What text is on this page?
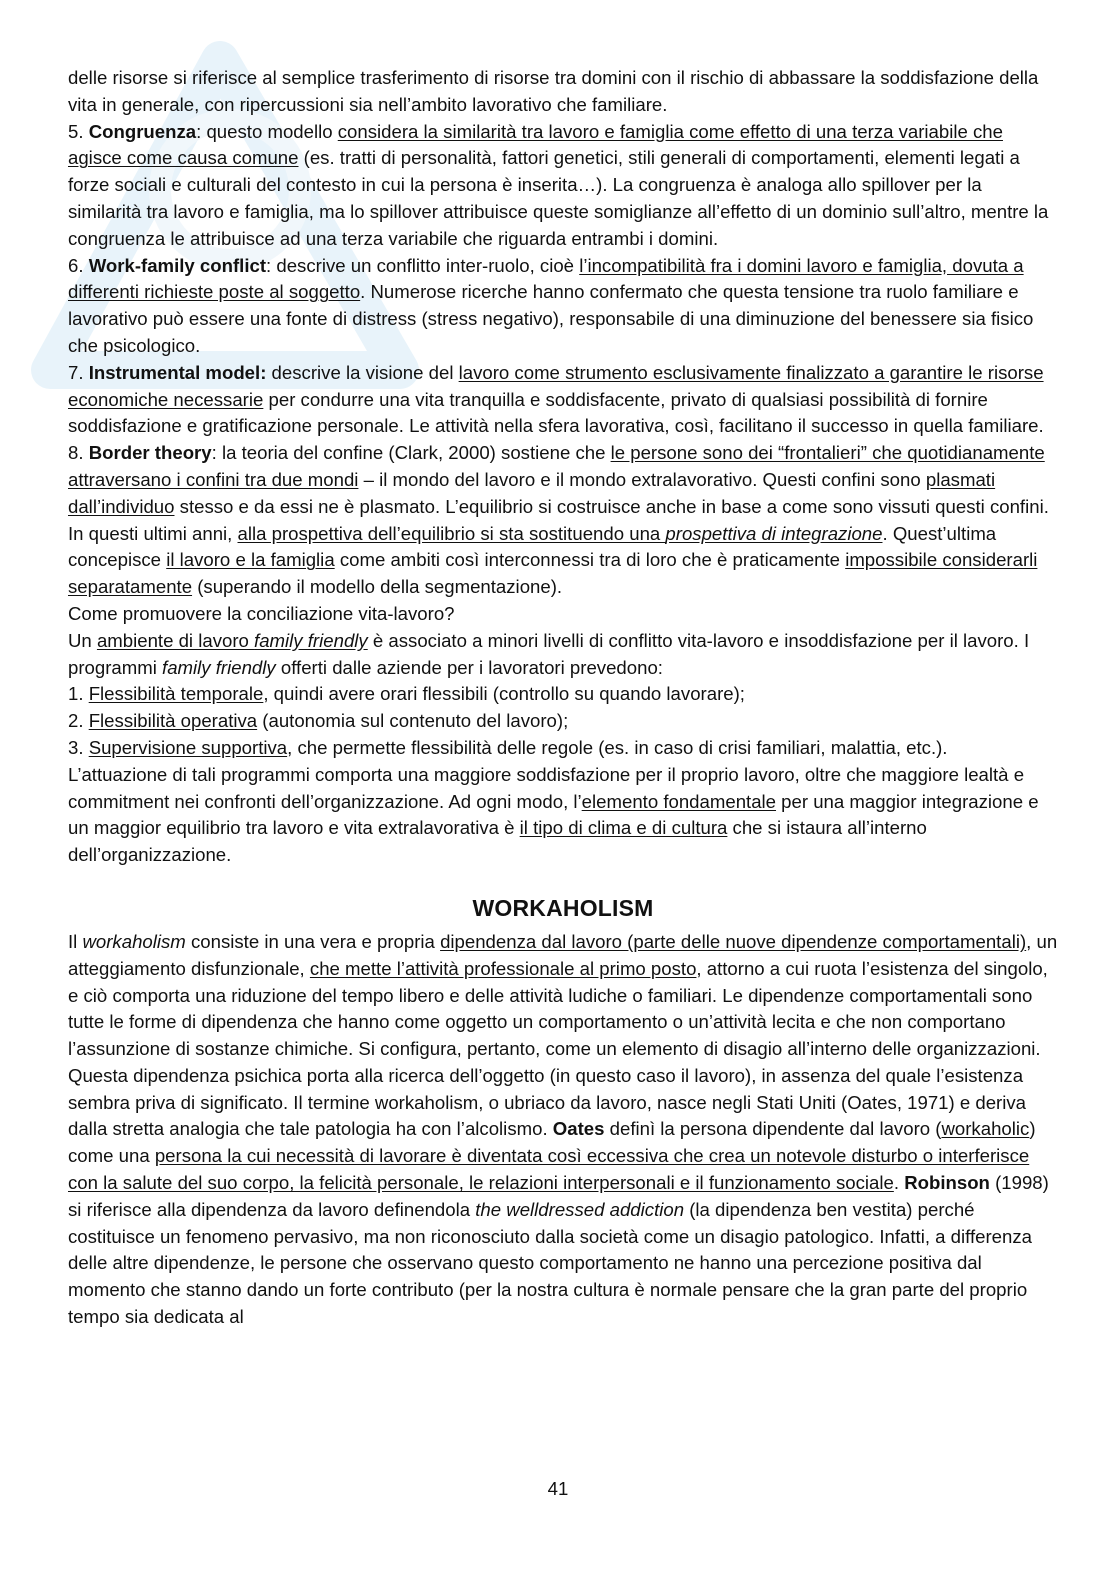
delle risorse si riferisce al semplice trasferimento di risorse tra domini con il rischio di abbassare la soddisfazione della vita in generale, con ripercussioni sia nell’ambito lavorativo che familiare.

5. Congruenza: questo modello considera la similarità tra lavoro e famiglia come effetto di una terza variabile che agisce come causa comune (es. tratti di personalità, fattori genetici, stili generali di comportamenti, elementi legati a forze sociali e culturali del contesto in cui la persona è inserita…). La congruenza è analoga allo spillover per la similarità tra lavoro e famiglia, ma lo spillover attribuisce queste somiglianze all’effetto di un dominio sull’altro, mentre la congruenza le attribuisce ad una terza variabile che riguarda entrambi i domini.

6. Work-family conflict: descrive un conflitto inter-ruolo, cioè l’incompatibilità fra i domini lavoro e famiglia, dovuta a differenti richieste poste al soggetto. Numerose ricerche hanno confermato che questa tensione tra ruolo familiare e lavorativo può essere una fonte di distress (stress negativo), responsabile di una diminuzione del benessere sia fisico che psicologico.

7. Instrumental model: descrive la visione del lavoro come strumento esclusivamente finalizzato a garantire le risorse economiche necessarie per condurre una vita tranquilla e soddisfacente, privato di qualsiasi possibilità di fornire soddisfazione e gratificazione personale. Le attività nella sfera lavorativa, così, facilitano il successo in quella familiare.

8. Border theory: la teoria del confine (Clark, 2000) sostiene che le persone sono dei “frontalieri” che quotidianamente attraversano i confini tra due mondi – il mondo del lavoro e il mondo extralavorativo. Questi confini sono plasmati dall’individuo stesso e da essi ne è plasmato. L’equilibrio si costruisce anche in base a come sono vissuti questi confini. In questi ultimi anni, alla prospettiva dell’equilibrio si sta sostituendo una prospettiva di integrazione. Quest’ultima concepisce il lavoro e la famiglia come ambiti così interconnessi tra di loro che è praticamente impossibile considerarli separatamente (superando il modello della segmentazione).

Come promuovere la conciliazione vita-lavoro?

Un ambiente di lavoro family friendly è associato a minori livelli di conflitto vita-lavoro e insoddisfazione per il lavoro. I programmi family friendly offerti dalle aziende per i lavoratori prevedono:

1. Flessibilità temporale, quindi avere orari flessibili (controllo su quando lavorare);

2. Flessibilità operativa (autonomia sul contenuto del lavoro);

3. Supervisione supportiva, che permette flessibilità delle regole (es. in caso di crisi familiari, malattia, etc.).

L’attuazione di tali programmi comporta una maggiore soddisfazione per il proprio lavoro, oltre che maggiore lealtà e commitment nei confronti dell’organizzazione. Ad ogni modo, l’elemento fondamentale per una maggior integrazione e un maggior equilibrio tra lavoro e vita extralavorativa è il tipo di clima e di cultura che si istaura all’interno dell’organizzazione.

WORKAHOLISM

Il workaholism consiste in una vera e propria dipendenza dal lavoro (parte delle nuove dipendenze comportamentali), un atteggiamento disfunzionale, che mette l’attività professionale al primo posto, attorno a cui ruota l’esistenza del singolo, e ciò comporta una riduzione del tempo libero e delle attività ludiche o familiari. Le dipendenze comportamentali sono tutte le forme di dipendenza che hanno come oggetto un comportamento o un’attività lecita e che non comportano l’assunzione di sostanze chimiche. Si configura, pertanto, come un elemento di disagio all’interno delle organizzazioni. Questa dipendenza psichica porta alla ricerca dell’oggetto (in questo caso il lavoro), in assenza del quale l’esistenza sembra priva di significato. Il termine workaholism, o ubriaco da lavoro, nasce negli Stati Uniti (Oates, 1971) e deriva dalla stretta analogia che tale patologia ha con l’alcolismo. Oates definì la persona dipendente dal lavoro (workaholic) come una persona la cui necessità di lavorare è diventata così eccessiva che crea un notevole disturbo o interferisce con la salute del suo corpo, la felicità personale, le relazioni interpersonali e il funzionamento sociale. Robinson (1998) si riferisce alla dipendenza da lavoro definendola the welldressed addiction (la dipendenza ben vestita) perché costituisce un fenomeno pervasivo, ma non riconosciuto dalla società come un disagio patologico. Infatti, a differenza delle altre dipendenze, le persone che osservano questo comportamento ne hanno una percezione positiva dal momento che stanno dando un forte contributo (per la nostra cultura è normale pensare che la gran parte del proprio tempo sia dedicata al

41
